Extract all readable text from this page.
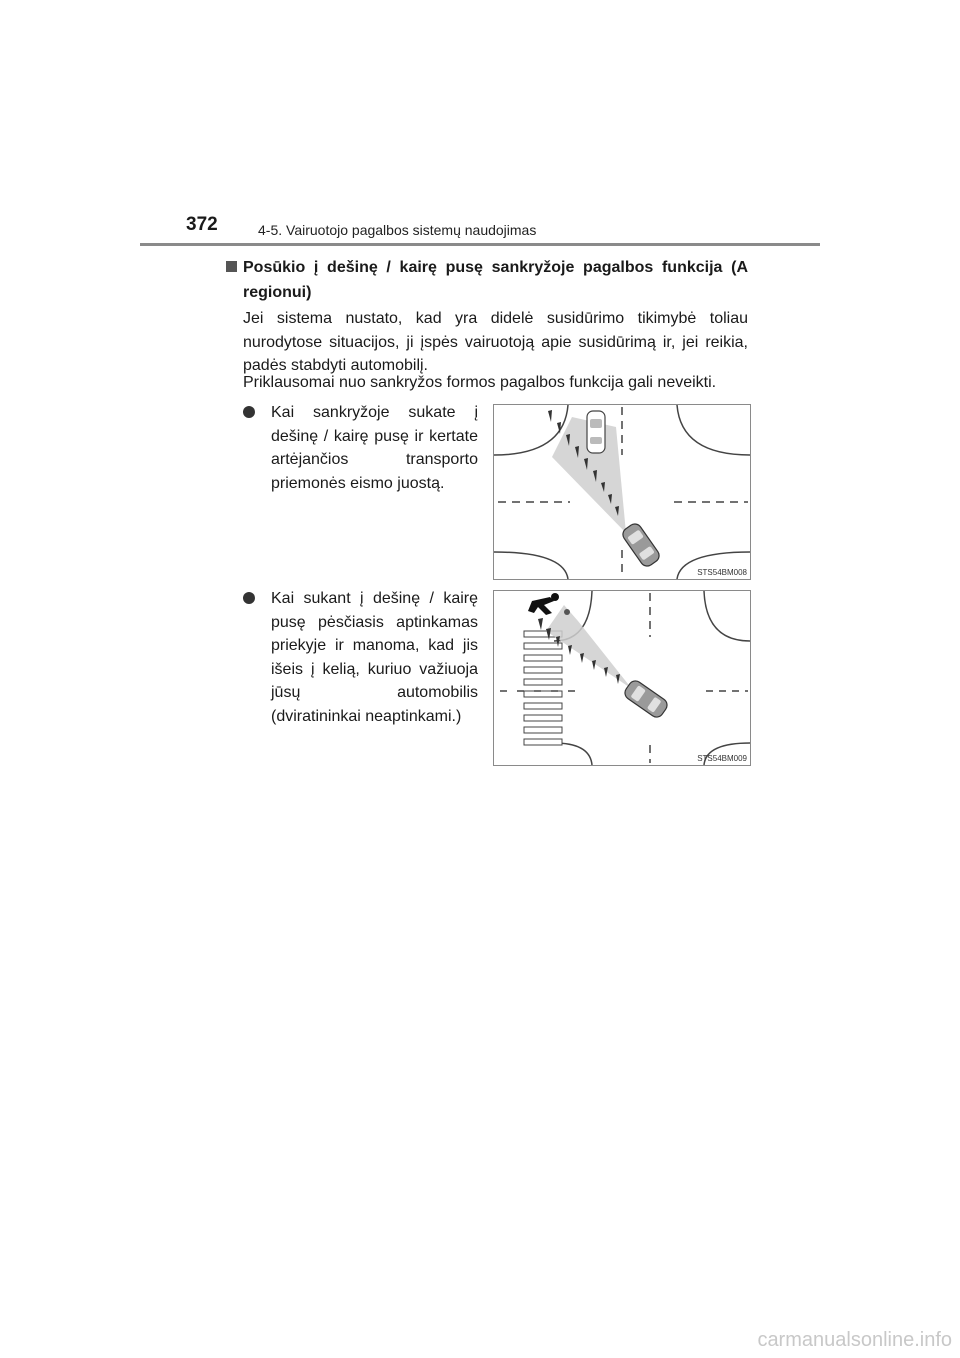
372	4-5. Vairuotojo pagalbos sistemų naudojimas
Posūkio į dešinę / kairę pusę sankryžoje pagalbos funkcija (A regionui)
Jei sistema nustato, kad yra didelė susidūrimo tikimybė toliau nurodytose situacijos, ji įspės vairuotoją apie susidūrimą ir, jei reikia, padės stabdyti automobilį.
Priklausomai nuo sankryžos formos pagalbos funkcija gali neveikti.
Kai sankryžoje sukate į dešinę / kairę pusę ir kertate artėjančios transporto priemonės eismo juostą.
STS54BM008
Kai sukant į dešinę / kairę pusę pėsčiasis aptinkamas priekyje ir manoma, kad jis išeis į kelią, kuriuo važiuoja jūsų automobilis (dviratininkai neaptinkami.)
STS54BM009
carmanualsonline.info
